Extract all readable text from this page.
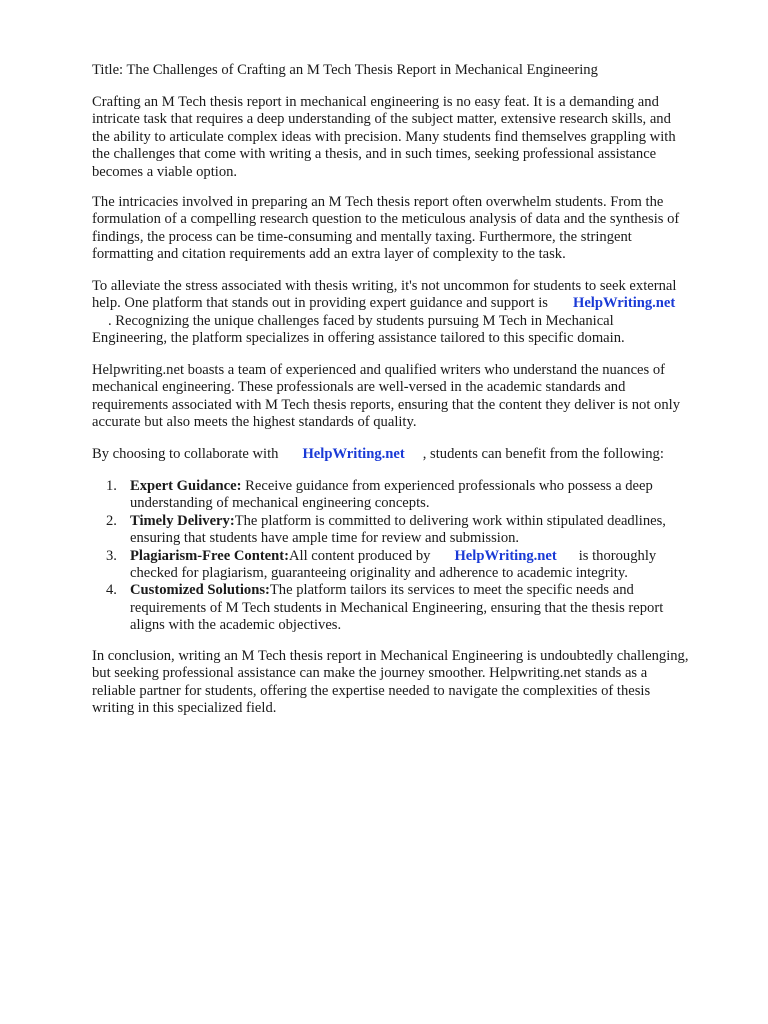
Title: The Challenges of Crafting an M Tech Thesis Report in Mechanical Engineering
Crafting an M Tech thesis report in mechanical engineering is no easy feat. It is a demanding and
intricate task that requires a deep understanding of the subject matter, extensive research skills, and
the ability to articulate complex ideas with precision. Many students find themselves grappling with
the challenges that come with writing a thesis, and in such times, seeking professional assistance
becomes a viable option.
The intricacies involved in preparing an M Tech thesis report often overwhelm students. From the
formulation of a compelling research question to the meticulous analysis of data and the synthesis of
findings, the process can be time-consuming and mentally taxing. Furthermore, the stringent
formatting and citation requirements add an extra layer of complexity to the task.
To alleviate the stress associated with thesis writing, it's not uncommon for students to seek external
help. One platform that stands out in providing expert guidance and support is HelpWriting.net
. Recognizing the unique challenges faced by students pursuing M Tech in Mechanical
Engineering, the platform specializes in offering assistance tailored to this specific domain.
Helpwriting.net boasts a team of experienced and qualified writers who understand the nuances of
mechanical engineering. These professionals are well-versed in the academic standards and
requirements associated with M Tech thesis reports, ensuring that the content they deliver is not only
accurate but also meets the highest standards of quality.
By choosing to collaborate with HelpWriting.net , students can benefit from the following:
1. Expert Guidance: Receive guidance from experienced professionals who possess a deep
understanding of mechanical engineering concepts.
2. Timely Delivery:The platform is committed to delivering work within stipulated deadlines,
ensuring that students have ample time for review and submission.
3. Plagiarism-Free Content:All content produced by HelpWriting.net is thoroughly
checked for plagiarism, guaranteeing originality and adherence to academic integrity.
4. Customized Solutions:The platform tailors its services to meet the specific needs and
requirements of M Tech students in Mechanical Engineering, ensuring that the thesis report
aligns with the academic objectives.
In conclusion, writing an M Tech thesis report in Mechanical Engineering is undoubtedly challenging,
but seeking professional assistance can make the journey smoother. Helpwriting.net stands as a
reliable partner for students, offering the expertise needed to navigate the complexities of thesis
writing in this specialized field.
